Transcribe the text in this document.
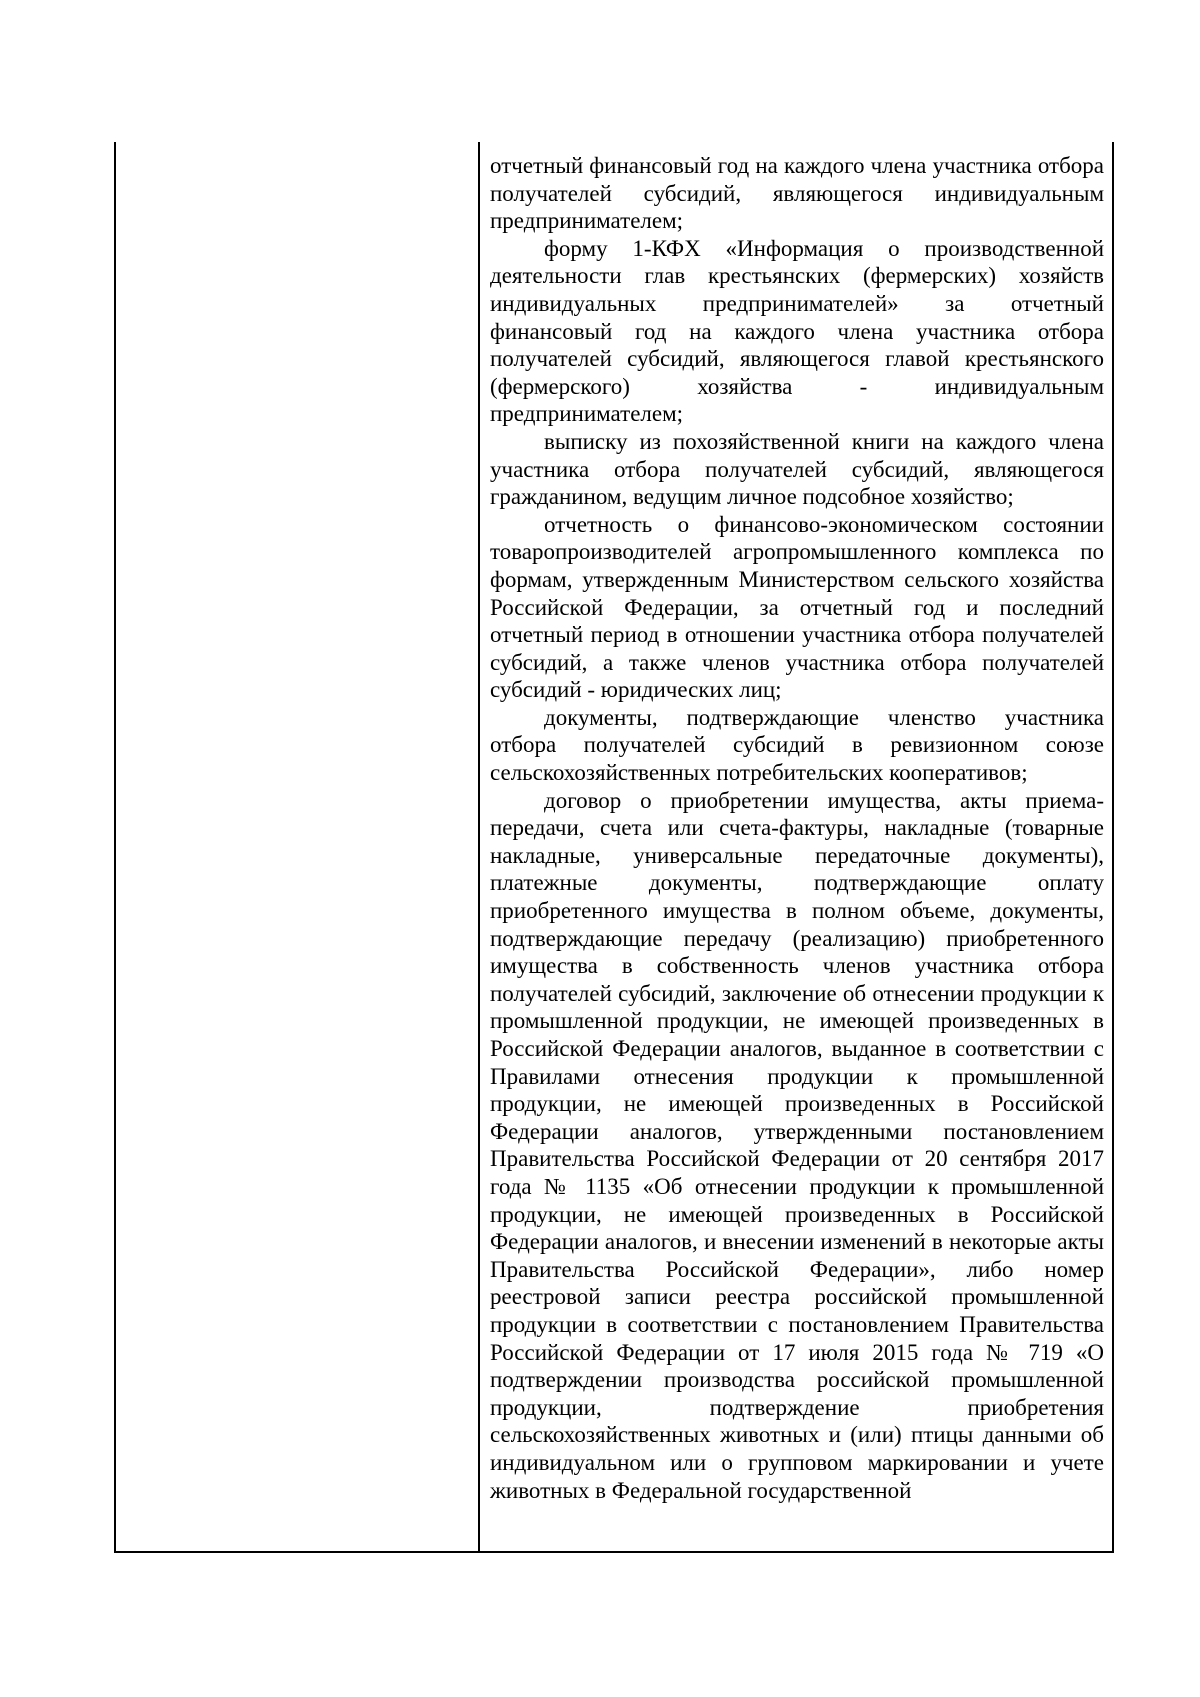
отчетный финансовый год на каждого члена участника отбора получателей субсидий, являющегося индивидуальным предпринимателем;

форму 1-КФХ «Информация о производственной деятельности глав крестьянских (фермерских) хозяйств индивидуальных предпринимателей» за отчетный финансовый год на каждого члена участника отбора получателей субсидий, являющегося главой крестьянского (фермерского) хозяйства - индивидуальным предпринимателем;

выписку из похозяйственной книги на каждого члена участника отбора получателей субсидий, являющегося гражданином, ведущим личное подсобное хозяйство;

отчетность о финансово-экономическом состоянии товаропроизводителей агропромышленного комплекса по формам, утвержденным Министерством сельского хозяйства Российской Федерации, за отчетный год и последний отчетный период в отношении участника отбора получателей субсидий, а также членов участника отбора получателей субсидий - юридических лиц;

документы, подтверждающие членство участника отбора получателей субсидий в ревизионном союзе сельскохозяйственных потребительских кооперативов;

договор о приобретении имущества, акты приема-передачи, счета или счета-фактуры, накладные (товарные накладные, универсальные передаточные документы), платежные документы, подтверждающие оплату приобретенного имущества в полном объеме, документы, подтверждающие передачу (реализацию) приобретенного имущества в собственность членов участника отбора получателей субсидий, заключение об отнесении продукции к промышленной продукции, не имеющей произведенных в Российской Федерации аналогов, выданное в соответствии с Правилами отнесения продукции к промышленной продукции, не имеющей произведенных в Российской Федерации аналогов, утвержденными постановлением Правительства Российской Федерации от 20 сентября 2017 года № 1135 «Об отнесении продукции к промышленной продукции, не имеющей произведенных в Российской Федерации аналогов, и внесении изменений в некоторые акты Правительства Российской Федерации», либо номер реестровой записи реестра российской промышленной продукции в соответствии с постановлением Правительства Российской Федерации от 17 июля 2015 года № 719 «О подтверждении производства российской промышленной продукции, подтверждение приобретения сельскохозяйственных животных и (или) птицы данными об индивидуальном или о групповом маркировании и учете животных в Федеральной государственной
